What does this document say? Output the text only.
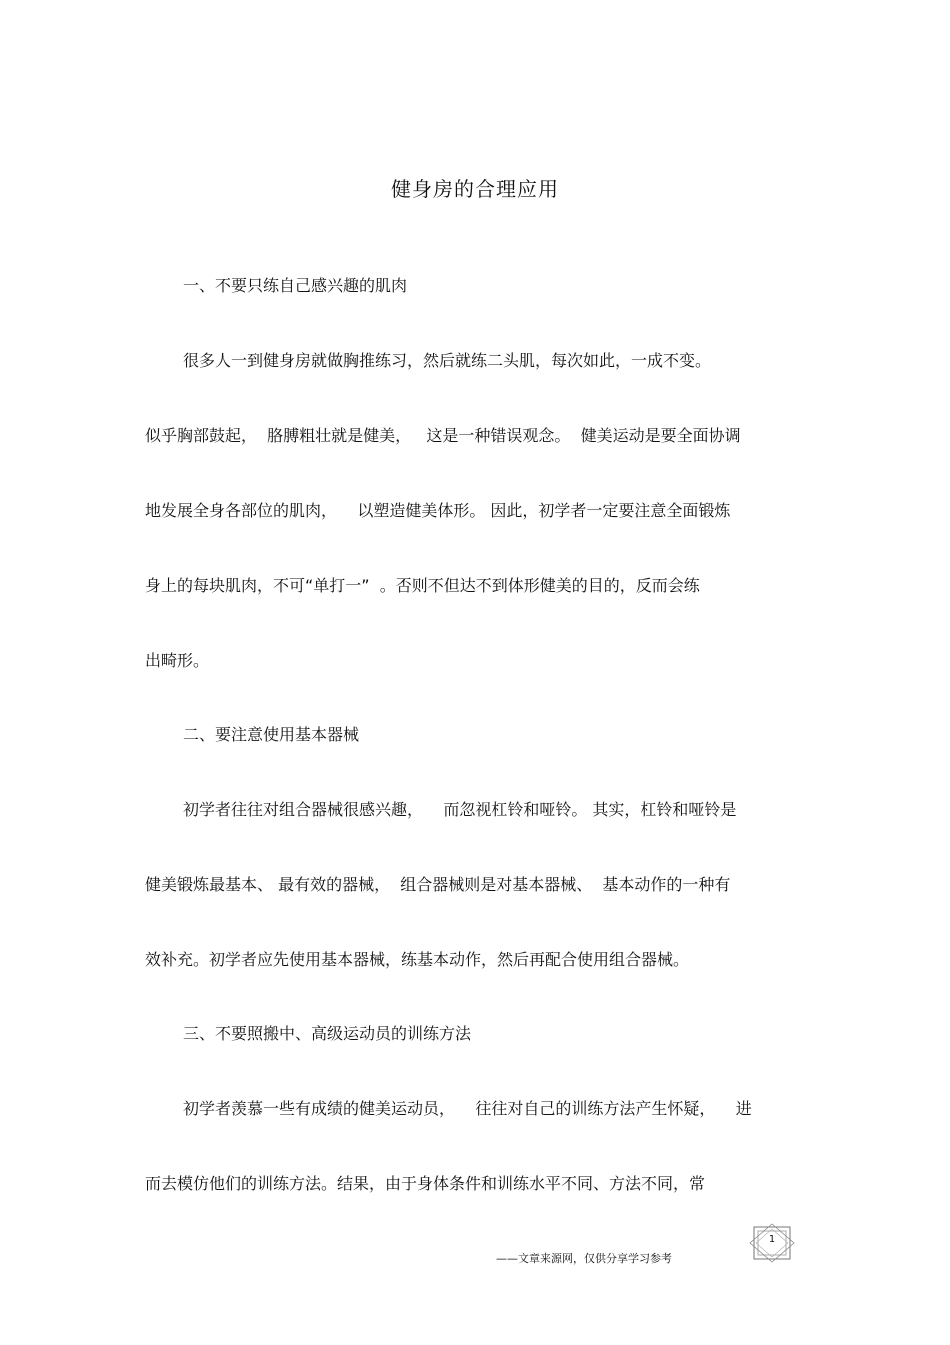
健身房的合理应用
一、不要只练自己感兴趣的肌肉
很多人一到健身房就做胸推练习，然后就练二头肌，每次如此，一成不变。
似乎胸部鼓起，  胳膊粗壮就是健美，   这是一种错误观念。  健美运动是要全面协调
地发展全身各部位的肌肉，    以塑造健美体形。 因此，初学者一定要注意全面锻炼
身上的每块肌肉，不可“单打一”  。否则不但达不到体形健美的目的，反而会练
出畸形。
二、要注意使用基本器械
初学者往往对组合器械很感兴趣，    而忽视杠铃和哑铃。 其实，杠铃和哑铃是
健美锻炼最基本、 最有效的器械，  组合器械则是对基本器械、  基本动作的一种有
效补充。初学者应先使用基本器械，练基本动作，然后再配合使用组合器械。
三、不要照搬中、高级运动员的训练方法
初学者羡慕一些有成绩的健美运动员，    往往对自己的训练方法产生怀疑，    进
而去模仿他们的训练方法。结果，由于身体条件和训练水平不同、方法不同，常
1
——文章来源网，仅供分享学习参考
